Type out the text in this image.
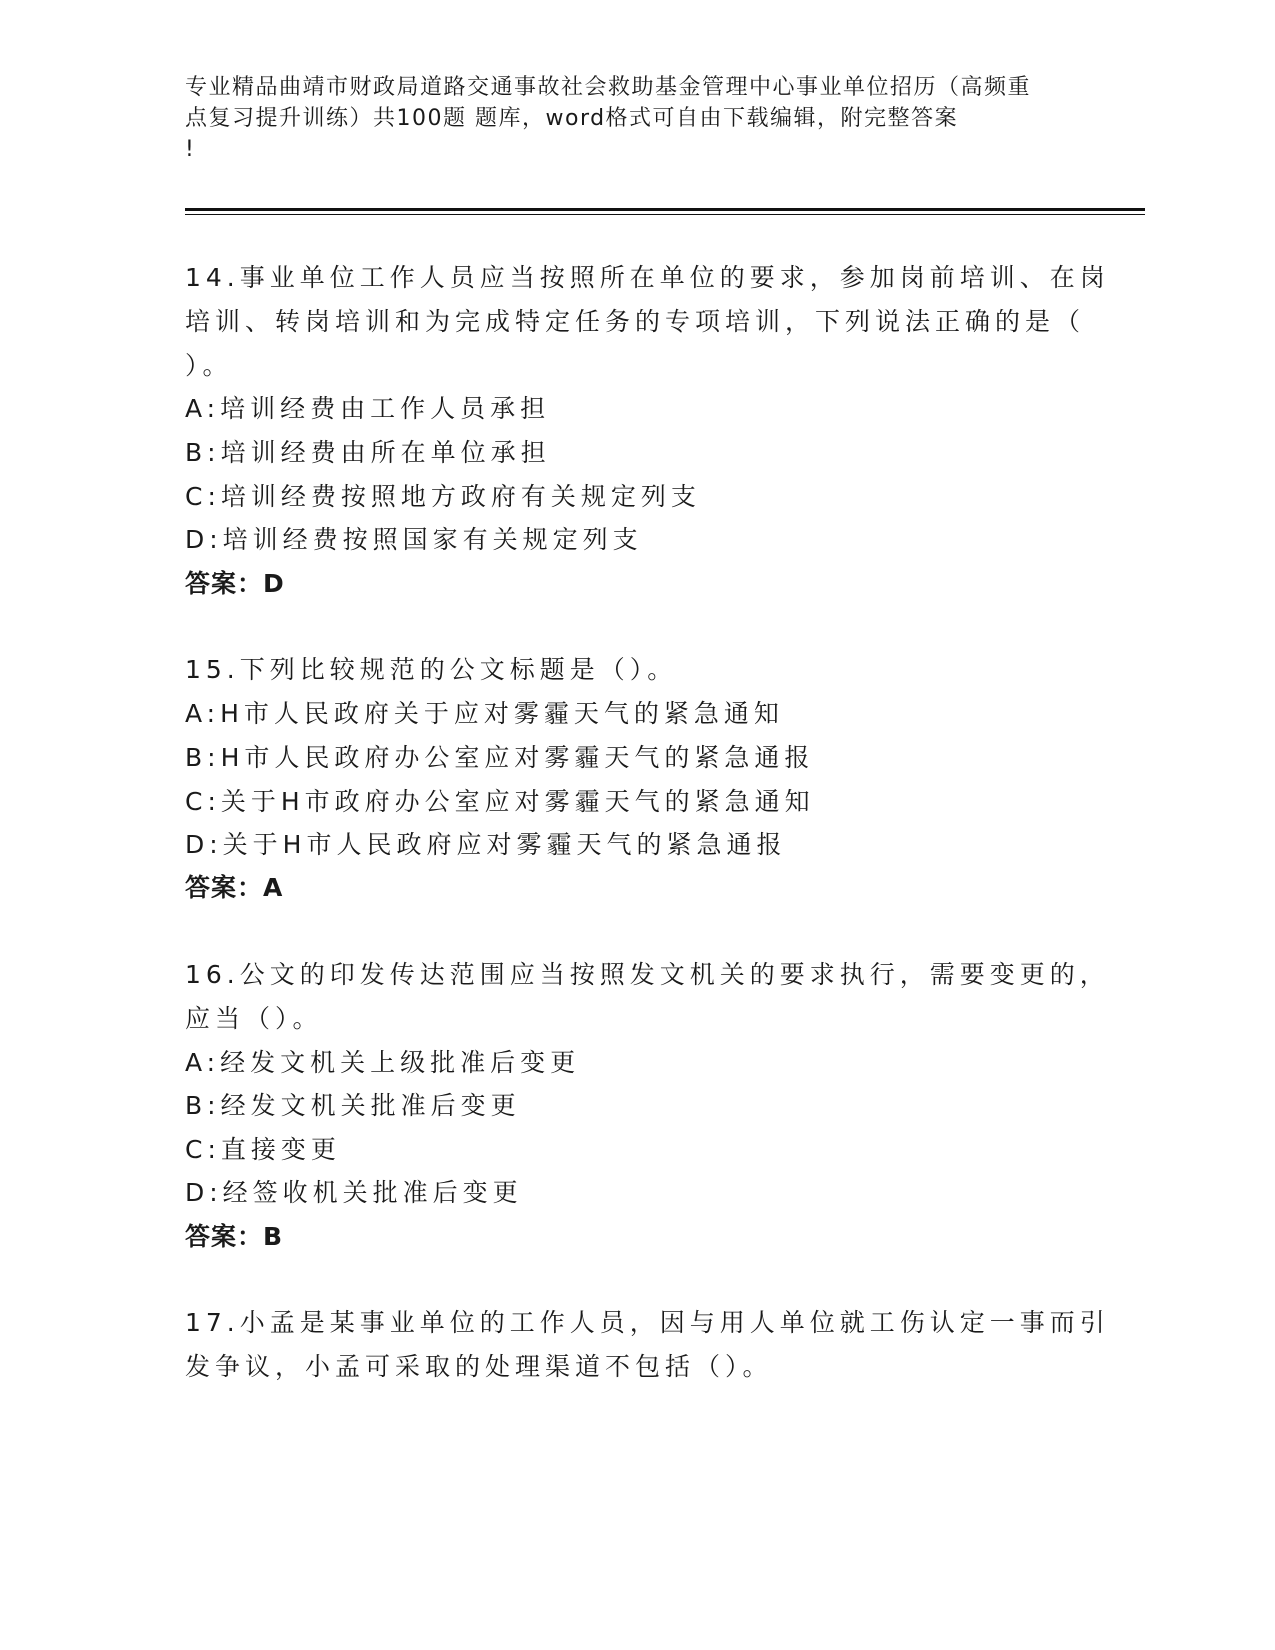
专业精品曲靖市财政局道路交通事故社会救助基金管理中心事业单位招历（高频重
点复习提升训练）共100题 题库，word格式可自由下载编辑，附完整答案
!
14.事业单位工作人员应当按照所在单位的要求，参加岗前培训、在岗
培训、转岗培训和为完成特定任务的专项培训，下列说法正确的是（
）。
A:培训经费由工作人员承担
B:培训经费由所在单位承担
C:培训经费按照地方政府有关规定列支
D:培训经费按照国家有关规定列支
答案：D
15.下列比较规范的公文标题是（）。
A:H市人民政府关于应对雾霾天气的紧急通知
B:H市人民政府办公室应对雾霾天气的紧急通报
C:关于H市政府办公室应对雾霾天气的紧急通知
D:关于H市人民政府应对雾霾天气的紧急通报
答案：A
16.公文的印发传达范围应当按照发文机关的要求执行，需要变更的，
应当（）。
A:经发文机关上级批准后变更
B:经发文机关批准后变更
C:直接变更
D:经签收机关批准后变更
答案：B
17.小孟是某事业单位的工作人员，因与用人单位就工伤认定一事而引
发争议，小孟可采取的处理渠道不包括（）。
